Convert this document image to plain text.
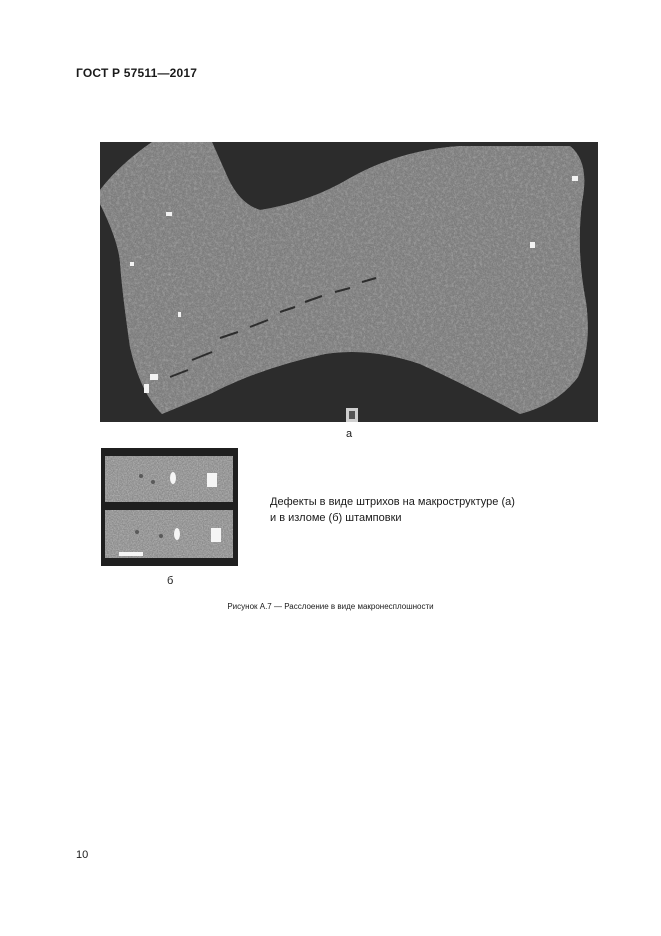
ГОСТ Р 57511—2017
а
б
Дефекты в виде штрихов на макроструктуре (а)
и в изломе (б) штамповки
Рисунок А.7 — Расслоение в виде макронесплошности
10
